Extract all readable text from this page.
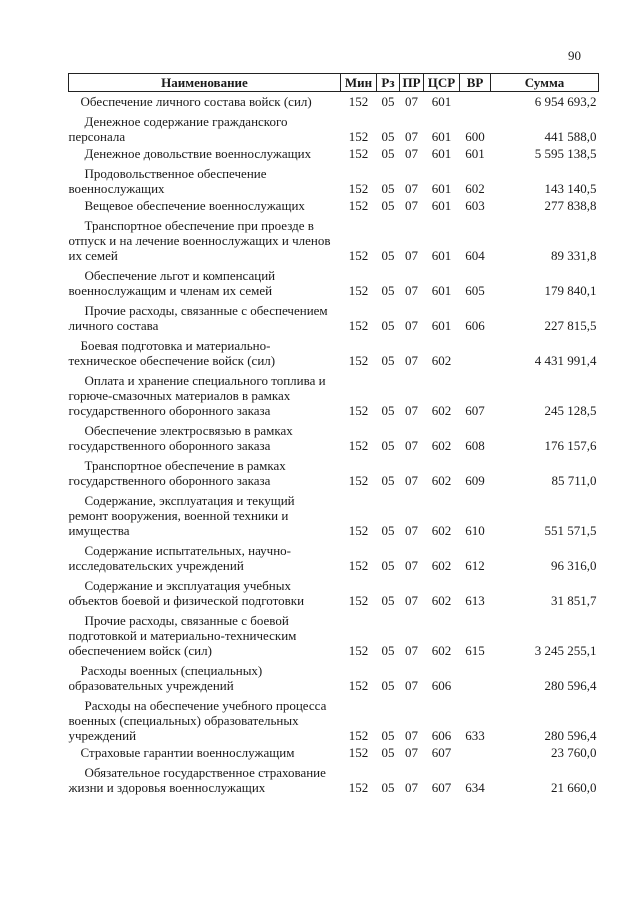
90
Наименование	Мин	Рз	ПР	ЦСР	ВР	Сумма

Обеспечение личного состава войск (сил)	152	05	07	601		6 954 693,2

Денежное содержание гражданского персонала	152	05	07	601	600	441 588,0

Денежное довольствие военнослужащих	152	05	07	601	601	5 595 138,5

Продовольственное обеспечение военнослужащих	152	05	07	601	602	143 140,5

Вещевое обеспечение военнослужащих	152	05	07	601	603	277 838,8

Транспортное обеспечение при проезде в отпуск и на лечение военнослужащих и членов их семей	152	05	07	601	604	89 331,8

Обеспечение льгот и компенсаций военнослужащим и членам их семей	152	05	07	601	605	179 840,1

Прочие расходы, связанные с обеспечением личного состава	152	05	07	601	606	227 815,5

Боевая подготовка и материально-техническое обеспечение войск (сил)	152	05	07	602		4 431 991,4

Оплата и хранение специального топлива и горюче-смазочных материалов в рамках государственного оборонного заказа	152	05	07	602	607	245 128,5

Обеспечение электросвязью в рамках государственного оборонного заказа	152	05	07	602	608	176 157,6

Транспортное обеспечение в рамках государственного оборонного заказа	152	05	07	602	609	85 711,0

Содержание, эксплуатация и текущий ремонт вооружения, военной техники и имущества	152	05	07	602	610	551 571,5

Содержание испытательных, научно-исследовательских учреждений	152	05	07	602	612	96 316,0

Содержание и эксплуатация учебных объектов боевой и физической подготовки	152	05	07	602	613	31 851,7

Прочие расходы, связанные с боевой подготовкой и материально-техническим обеспечением войск (сил)	152	05	07	602	615	3 245 255,1

Расходы военных (специальных) образовательных учреждений	152	05	07	606		280 596,4

Расходы на обеспечение учебного процесса военных (специальных) образовательных учреждений	152	05	07	606	633	280 596,4

Страховые гарантии военнослужащим	152	05	07	607		23 760,0

Обязательное государственное страхование жизни и здоровья военнослужащих	152	05	07	607	634	21 660,0
